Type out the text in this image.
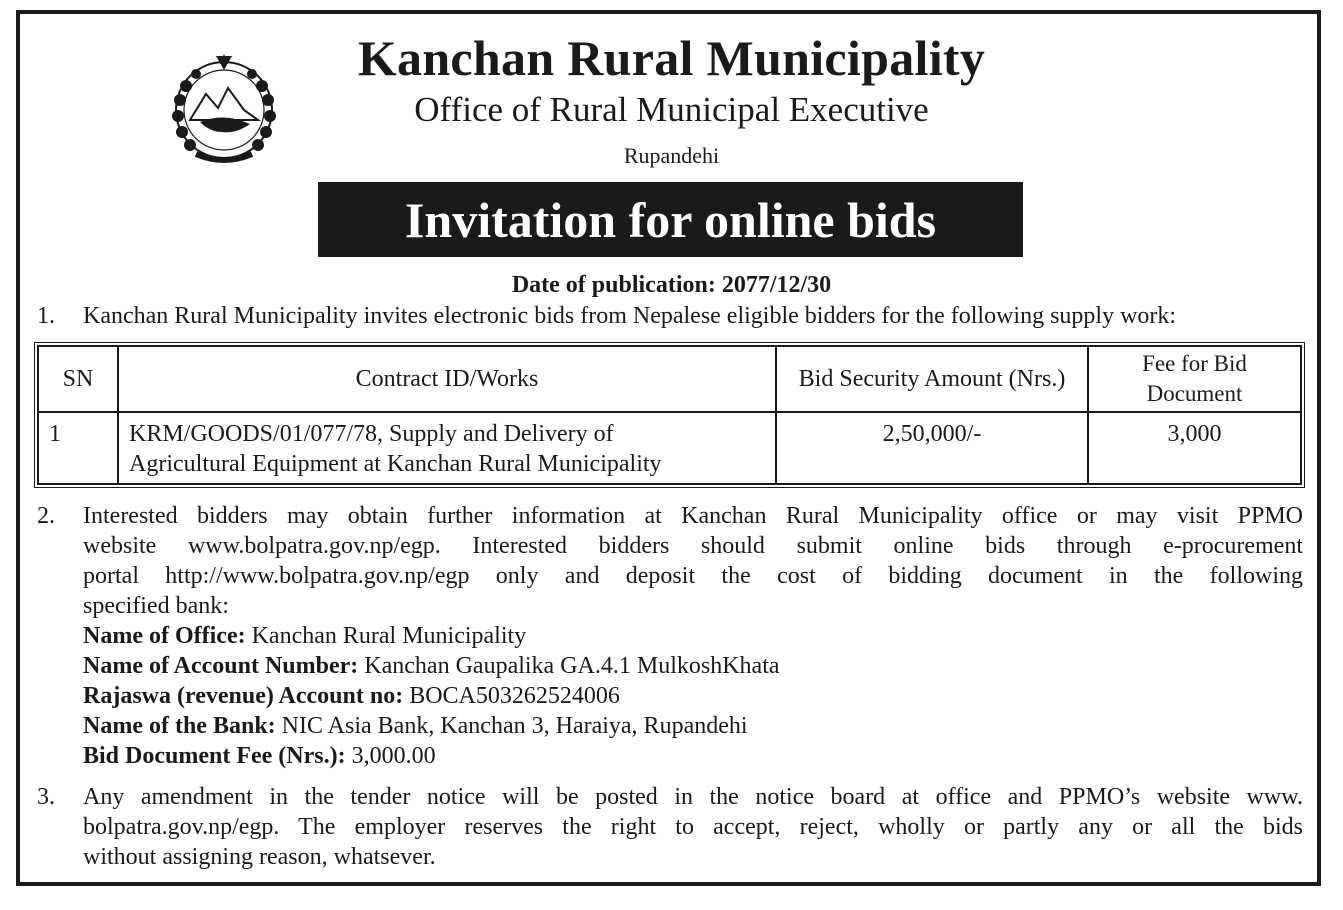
Kanchan Rural Municipality
Office of Rural Municipal Executive
Rupandehi
Invitation for online bids
Date of publication: 2077/12/30
1. Kanchan Rural Municipality invites electronic bids from Nepalese eligible bidders for the following supply work:
SN	Contract ID/Works	Bid Security Amount (Nrs.)	Fee for Bid Document
1	KRM/GOODS/01/077/78, Supply and Delivery of
Agricultural Equipment at Kanchan Rural Municipality	2,50,000/-	3,000
2. Interested bidders may obtain further information at Kanchan Rural Municipality office or may visit PPMO
website www.bolpatra.gov.np/egp. Interested bidders should submit online bids through e-procurement
portal http://www.bolpatra.gov.np/egp only and deposit the cost of bidding document in the following
specified bank:
Name of Office: Kanchan Rural Municipality
Name of Account Number: Kanchan Gaupalika GA.4.1 MulkoshKhata
Rajaswa (revenue) Account no: BOCA503262524006
Name of the Bank: NIC Asia Bank, Kanchan 3, Haraiya, Rupandehi
Bid Document Fee (Nrs.): 3,000.00
3. Any amendment in the tender notice will be posted in the notice board at office and PPMO’s website www.
bolpatra.gov.np/egp. The employer reserves the right to accept, reject, wholly or partly any or all the bids
without assigning reason, whatsever.
